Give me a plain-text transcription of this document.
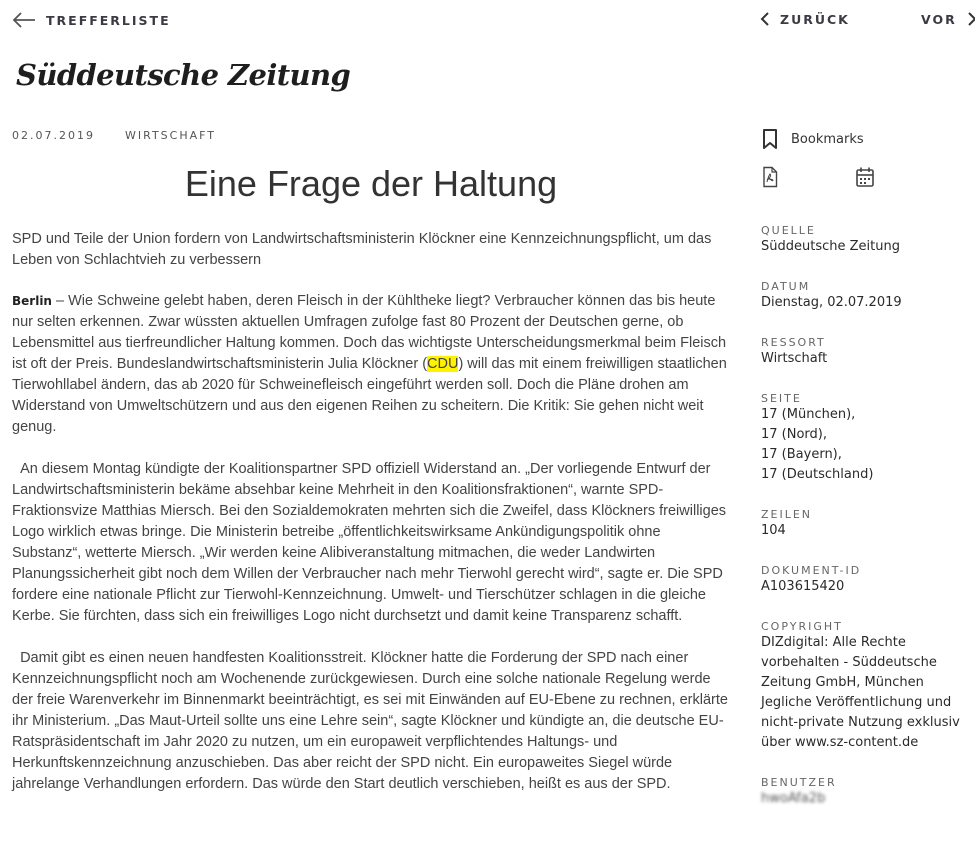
TREFFERLISTE	ZURÜCK	VOR
Süddeutsche Zeitung
02.07.2019	WIRTSCHAFT
Eine Frage der Haltung

SPD und Teile der Union fordern von Landwirtschaftsministerin Klöckner eine Kennzeichnungspflicht, um das Leben von Schlachtvieh zu verbessern

Berlin – Wie Schweine gelebt haben, deren Fleisch in der Kühltheke liegt? Verbraucher können das bis heute nur selten erkennen. Zwar wüssten aktuellen Umfragen zufolge fast 80 Prozent der Deutschen gerne, ob Lebensmittel aus tierfreundlicher Haltung kommen. Doch das wichtigste Unterscheidungsmerkmal beim Fleisch ist oft der Preis. Bundeslandwirtschaftsministerin Julia Klöckner (CDU) will das mit einem freiwilligen staatlichen Tierwohllabel ändern, das ab 2020 für Schweinefleisch eingeführt werden soll. Doch die Pläne drohen am Widerstand von Umweltschützern und aus den eigenen Reihen zu scheitern. Die Kritik: Sie gehen nicht weit genug.

An diesem Montag kündigte der Koalitionspartner SPD offiziell Widerstand an. „Der vorliegende Entwurf der Landwirtschaftsministerin bekäme absehbar keine Mehrheit in den Koalitionsfraktionen“, warnte SPD-Fraktionsvize Matthias Miersch. Bei den Sozialdemokraten mehrten sich die Zweifel, dass Klöckners freiwilliges Logo wirklich etwas bringe. Die Ministerin betreibe „öffentlichkeitswirksame Ankündigungspolitik ohne Substanz“, wetterte Miersch. „Wir werden keine Alibiveranstaltung mitmachen, die weder Landwirten Planungssicherheit gibt noch dem Willen der Verbraucher nach mehr Tierwohl gerecht wird“, sagte er. Die SPD fordere eine nationale Pflicht zur Tierwohl-Kennzeichnung. Umwelt- und Tierschützer schlagen in die gleiche Kerbe. Sie fürchten, dass sich ein freiwilliges Logo nicht durchsetzt und damit keine Transparenz schafft.

Damit gibt es einen neuen handfesten Koalitionsstreit. Klöckner hatte die Forderung der SPD nach einer Kennzeichnungspflicht noch am Wochenende zurückgewiesen. Durch eine solche nationale Regelung werde der freie Warenverkehr im Binnenmarkt beeinträchtigt, es sei mit Einwänden auf EU-Ebene zu rechnen, erklärte ihr Ministerium. „Das Maut-Urteil sollte uns eine Lehre sein“, sagte Klöckner und kündigte an, die deutsche EU-Ratspräsidentschaft im Jahr 2020 zu nutzen, um ein europaweit verpflichtendes Haltungs- und Herkunftskennzeichnung anzuschieben. Das aber reicht der SPD nicht. Ein europaweites Siegel würde jahrelange Verhandlungen erfordern. Das würde den Start deutlich verschieben, heißt es aus der SPD.

Bookmarks

QUELLE

Süddeutsche Zeitung

DATUM

Dienstag, 02.07.2019

RESSORT

Wirtschaft

SEITE

17 (München),

17 (Nord),

17 (Bayern),

17 (Deutschland)

ZEILEN

104

DOKUMENT-ID

A103615420

COPYRIGHT

DIZdigital: Alle Rechte

vorbehalten - Süddeutsche

Zeitung GmbH, München

Jegliche Veröffentlichung und

nicht-private Nutzung exklusiv

über www.sz-content.de

BENUTZER

hwoAfa2b
